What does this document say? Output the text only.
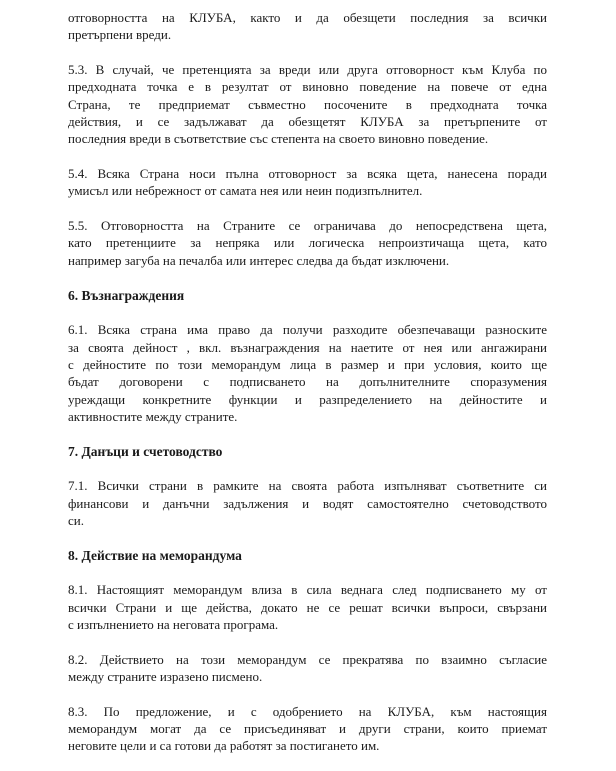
отговорността на КЛУБА, както и да обезщети последния за всички
претърпени вреди.
5.3. В случай, че претенцията за вреди или друга отговорност към Клуба по
предходната точка е в резултат от виновно поведение на повече от една
Страна, те предприемат съвместно посочените в предходната точка
действия, и се задължават да обезщетят КЛУБА за претърпените от
последния вреди в съответствие със степента на своето виновно поведение.
5.4. Всяка Страна носи пълна отговорност за всяка щета, нанесена поради
умисъл или небрежност от самата нея или неин подизпълнител.
5.5. Отговорността на Страните се ограничава до непосредствена щета,
като претенциите за непряка или логическа непроизтичаща щета, като
например загуба на печалба или интерес следва да бъдат изключени.
6. Възнаграждения
6.1. Всяка страна има право да получи разходите обезпечаващи разноските
за своята дейност , вкл. възнаграждения на наетите от нея или ангажирани
с дейностите по този меморандум лица в размер и при условия, които ще
бъдат договорени с подписването на допълнителните споразумения
уреждащи конкретните функции и разпределението на дейностите и
активностите между страните.
7. Данъци и счетоводство
7.1. Всички страни в рамките на своята работа изпълняват съответните си
финансови и данъчни задължения и водят самостоятелно счетоводството
си.
8. Действие на меморандума
8.1. Настоящият меморандум влиза в сила веднага след подписването му от
всички Страни и ще действа, докато не се решат всички въпроси, свързани
с изпълнението на неговата програма.
8.2. Действието на този меморандум се прекратява по взаимно съгласие
между страните изразено писмено.
8.3. По предложение, и с одобрението на КЛУБА, към настоящия
меморандум могат да се присъединяват и други страни, които приемат
неговите цели и са готови да работят за постигането им.
